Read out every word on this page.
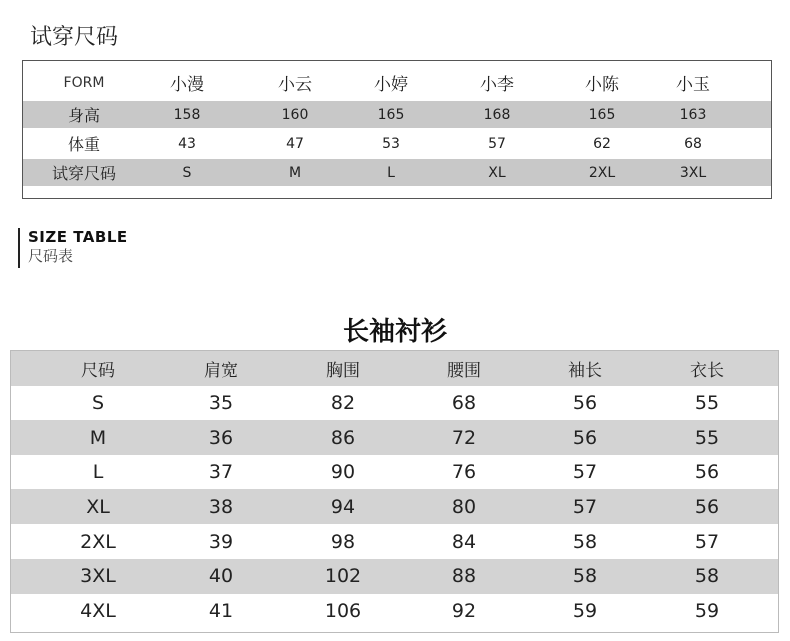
试穿尺码
FORM	小漫	小云	小婷	小李	小陈	小玉
身高	158	160	165	168	165	163
体重	43	47	53	57	62	68
试穿尺码	S	M	L	XL	2XL	3XL
SIZE TABLE
尺码表
长袖衬衫
尺码	肩宽	胸围	腰围	袖长	衣长
S	35	82	68	56	55
M	36	86	72	56	55
L	37	90	76	57	56
XL	38	94	80	57	56
2XL	39	98	84	58	57
3XL	40	102	88	58	58
4XL	41	106	92	59	59
